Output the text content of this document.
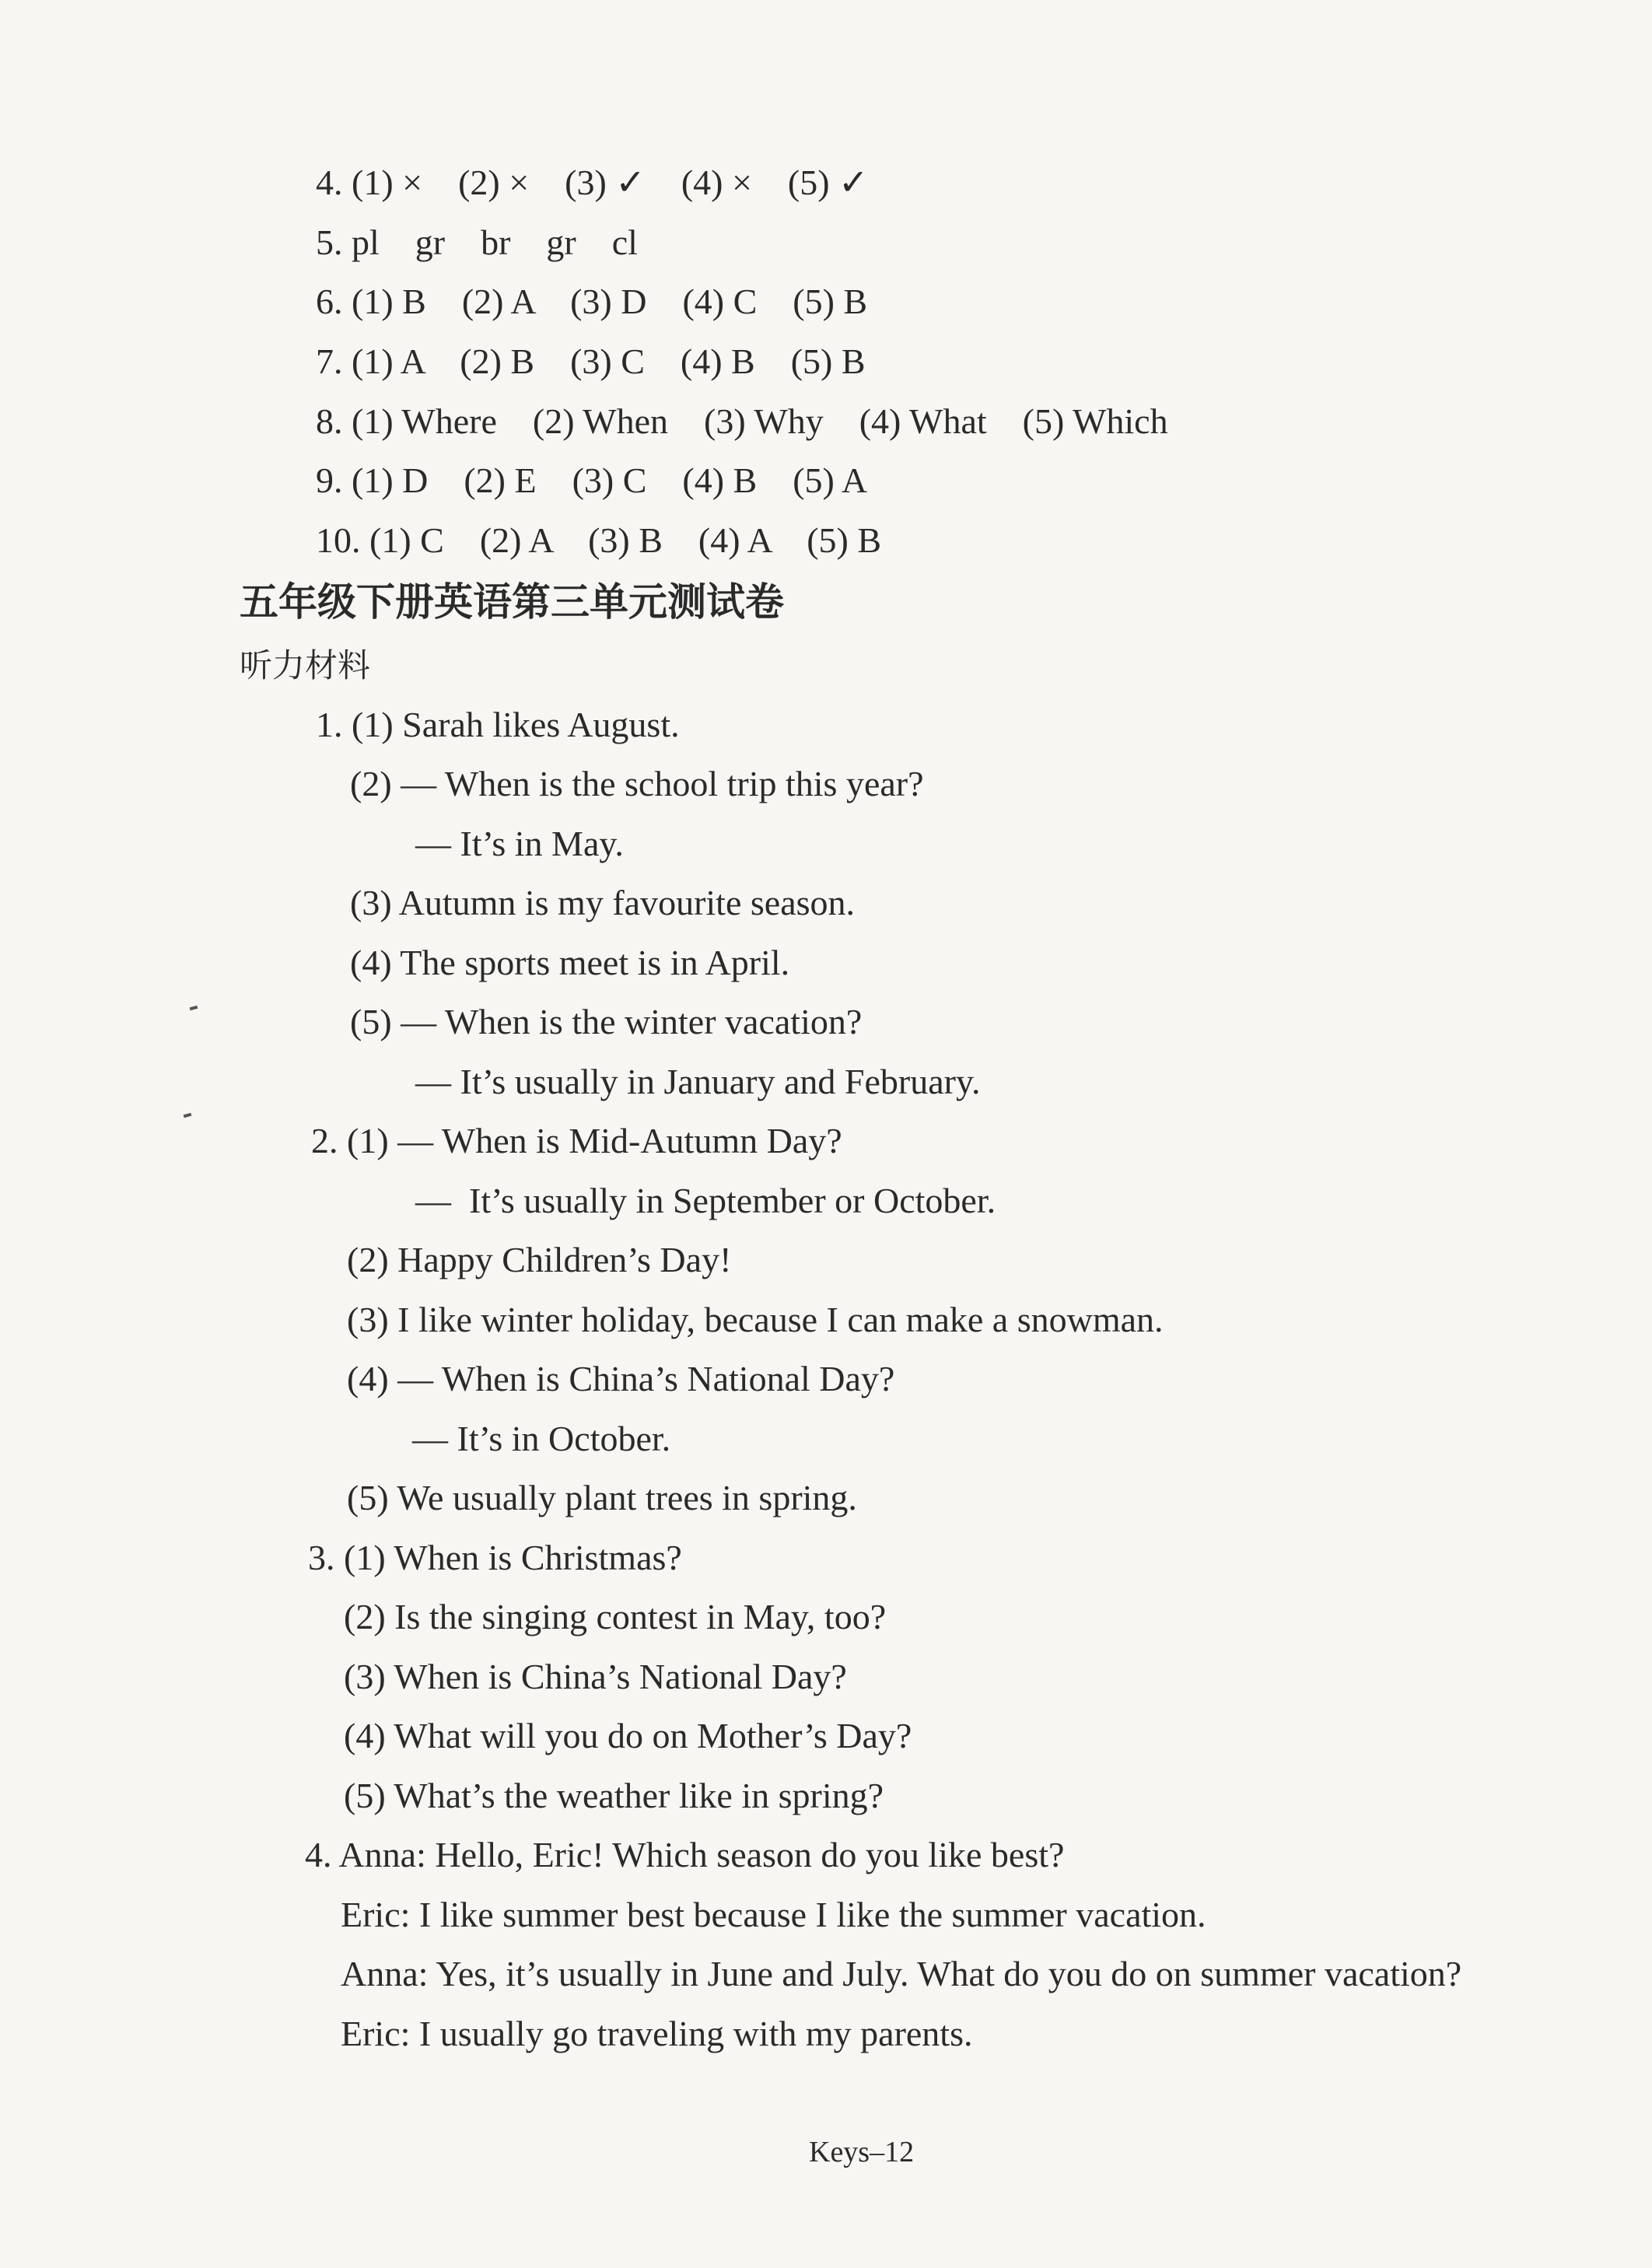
4. (1) ×    (2) ×    (3) ✓    (4) ×    (5) ✓

5. pl    gr    br    gr    cl

6. (1) B    (2) A    (3) D    (4) C    (5) B

7. (1) A    (2) B    (3) C    (4) B    (5) B

8. (1) Where    (2) When    (3) Why    (4) What    (5) Which

9. (1) D    (2) E    (3) C    (4) B    (5) A

10. (1) C    (2) A    (3) B    (4) A    (5) B

五年级下册英语第三单元测试卷

听力材料

1. (1) Sarah likes August.

(2) — When is the school trip this year?

— It’s in May.

(3) Autumn is my favourite season.

(4) The sports meet is in April.

(5) — When is the winter vacation?

— It’s usually in January and February.

2. (1) — When is Mid-Autumn Day?

—  It’s usually in September or October.

(2) Happy Children’s Day!

(3) I like winter holiday, because I can make a snowman.

(4) — When is China’s National Day?

— It’s in October.

(5) We usually plant trees in spring.

3. (1) When is Christmas?

(2) Is the singing contest in May, too?

(3) When is China’s National Day?

(4) What will you do on Mother’s Day?

(5) What’s the weather like in spring?

4. Anna: Hello, Eric! Which season do you like best?

Eric: I like summer best because I like the summer vacation.

Anna: Yes, it’s usually in June and July. What do you do on summer vacation?

Eric: I usually go traveling with my parents.

Keys–12
